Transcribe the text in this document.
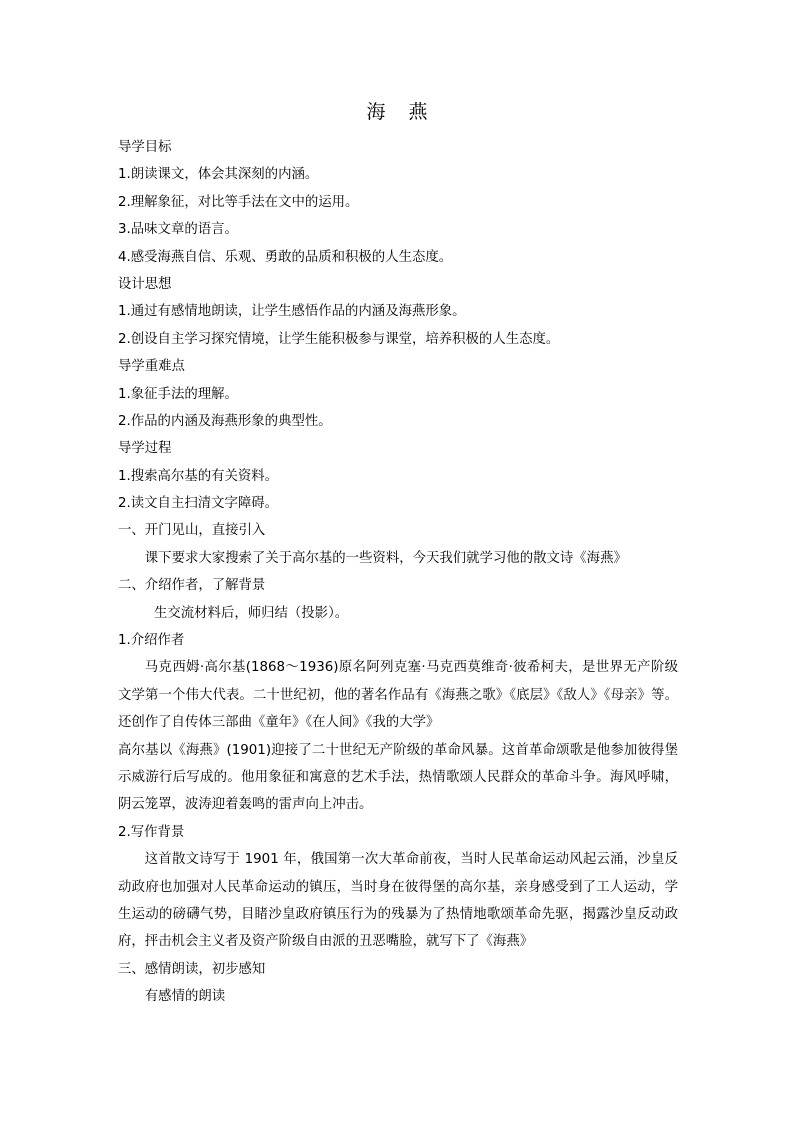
海　燕
导学目标
1.朗读课文，体会其深刻的内涵。
2.理解象征，对比等手法在文中的运用。
3.品味文章的语言。
4.感受海燕自信、乐观、勇敢的品质和积极的人生态度。
设计思想
1.通过有感情地朗读，让学生感悟作品的内涵及海燕形象。
2.创设自主学习探究情境，让学生能积极参与课堂，培养积极的人生态度。
导学重难点
1.象征手法的理解。
2.作品的内涵及海燕形象的典型性。
导学过程
1.搜索高尔基的有关资料。
2.读文自主扫清文字障碍。
一、开门见山，直接引入
课下要求大家搜索了关于高尔基的一些资料，今天我们就学习他的散文诗《海燕》
二、介绍作者，了解背景
生交流材料后，师归结（投影）。
1.介绍作者
马克西姆·高尔基(1868～1936)原名阿列克塞·马克西莫维奇·彼希柯夫，是世界无产阶级文学第一个伟大代表。二十世纪初，他的著名作品有《海燕之歌》《底层》《敌人》《母亲》等。还创作了自传体三部曲《童年》《在人间》《我的大学》
高尔基以《海燕》(1901)迎接了二十世纪无产阶级的革命风暴。这首革命颂歌是他参加彼得堡示威游行后写成的。他用象征和寓意的艺术手法，热情歌颂人民群众的革命斗争。海风呼啸，阴云笼罩，波涛迎着轰鸣的雷声向上冲击。
2.写作背景
这首散文诗写于 1901 年，俄国第一次大革命前夜，当时人民革命运动风起云涌，沙皇反动政府也加强对人民革命运动的镇压，当时身在彼得堡的高尔基，亲身感受到了工人运动，学生运动的磅礴气势，目睹沙皇政府镇压行为的残暴为了热情地歌颂革命先驱，揭露沙皇反动政府，抨击机会主义者及资产阶级自由派的丑恶嘴脸，就写下了《海燕》
三、感情朗读，初步感知
有感情的朗读
